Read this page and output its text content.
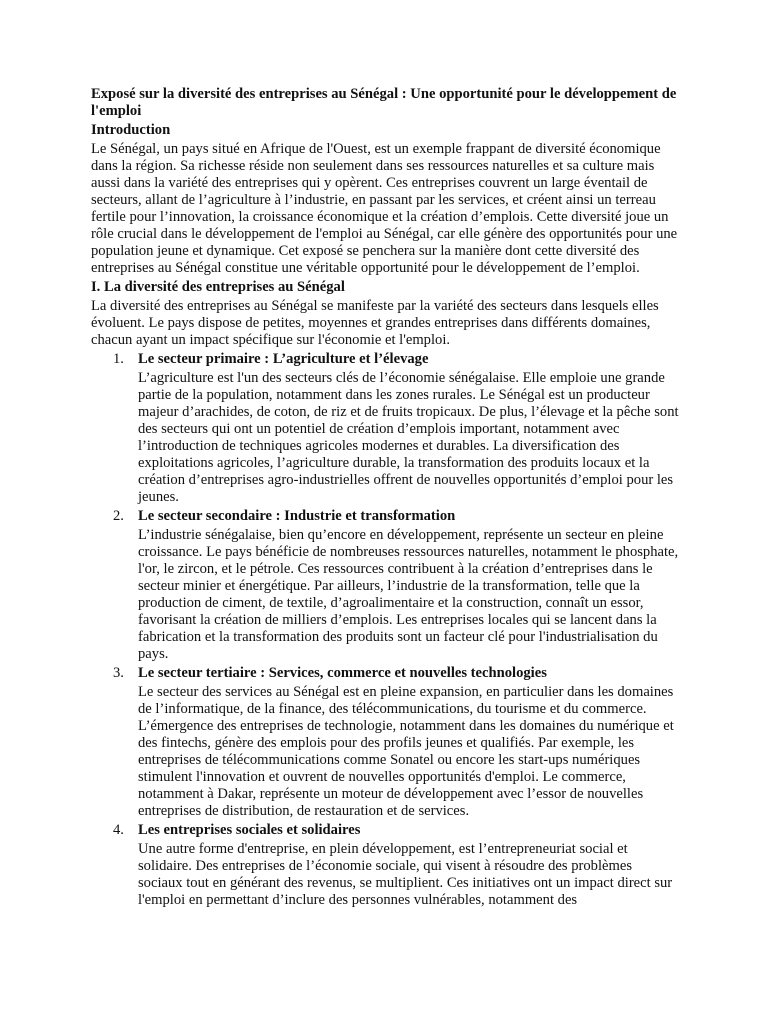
Exposé sur la diversité des entreprises au Sénégal : Une opportunité pour le développement de l'emploi
Introduction

Le Sénégal, un pays situé en Afrique de l'Ouest, est un exemple frappant de diversité économique dans la région. Sa richesse réside non seulement dans ses ressources naturelles et sa culture mais aussi dans la variété des entreprises qui y opèrent. Ces entreprises couvrent un large éventail de secteurs, allant de l’agriculture à l’industrie, en passant par les services, et créent ainsi un terreau fertile pour l’innovation, la croissance économique et la création d’emplois. Cette diversité joue un rôle crucial dans le développement de l'emploi au Sénégal, car elle génère des opportunités pour une population jeune et dynamique. Cet exposé se penchera sur la manière dont cette diversité des entreprises au Sénégal constitue une véritable opportunité pour le développement de l’emploi.

I. La diversité des entreprises au Sénégal

La diversité des entreprises au Sénégal se manifeste par la variété des secteurs dans lesquels elles évoluent. Le pays dispose de petites, moyennes et grandes entreprises dans différents domaines, chacun ayant un impact spécifique sur l'économie et l'emploi.

1. Le secteur primaire : L’agriculture et l’élevage

L’agriculture est l'un des secteurs clés de l’économie sénégalaise. Elle emploie une grande partie de la population, notamment dans les zones rurales. Le Sénégal est un producteur majeur d’arachides, de coton, de riz et de fruits tropicaux. De plus, l’élevage et la pêche sont des secteurs qui ont un potentiel de création d’emplois important, notamment avec l’introduction de techniques agricoles modernes et durables. La diversification des exploitations agricoles, l’agriculture durable, la transformation des produits locaux et la création d’entreprises agro-industrielles offrent de nouvelles opportunités d’emploi pour les jeunes.

2. Le secteur secondaire : Industrie et transformation

L’industrie sénégalaise, bien qu’encore en développement, représente un secteur en pleine croissance. Le pays bénéficie de nombreuses ressources naturelles, notamment le phosphate, l'or, le zircon, et le pétrole. Ces ressources contribuent à la création d’entreprises dans le secteur minier et énergétique. Par ailleurs, l’industrie de la transformation, telle que la production de ciment, de textile, d’agroalimentaire et la construction, connaît un essor, favorisant la création de milliers d’emplois. Les entreprises locales qui se lancent dans la fabrication et la transformation des produits sont un facteur clé pour l'industrialisation du pays.

3. Le secteur tertiaire : Services, commerce et nouvelles technologies

Le secteur des services au Sénégal est en pleine expansion, en particulier dans les domaines de l’informatique, de la finance, des télécommunications, du tourisme et du commerce. L’émergence des entreprises de technologie, notamment dans les domaines du numérique et des fintechs, génère des emplois pour des profils jeunes et qualifiés. Par exemple, les entreprises de télécommunications comme Sonatel ou encore les start-ups numériques stimulent l'innovation et ouvrent de nouvelles opportunités d'emploi. Le commerce, notamment à Dakar, représente un moteur de développement avec l’essor de nouvelles entreprises de distribution, de restauration et de services.

4. Les entreprises sociales et solidaires

Une autre forme d'entreprise, en plein développement, est l’entrepreneuriat social et solidaire. Des entreprises de l’économie sociale, qui visent à résoudre des problèmes sociaux tout en générant des revenus, se multiplient. Ces initiatives ont un impact direct sur l'emploi en permettant d’inclure des personnes vulnérables, notamment des
